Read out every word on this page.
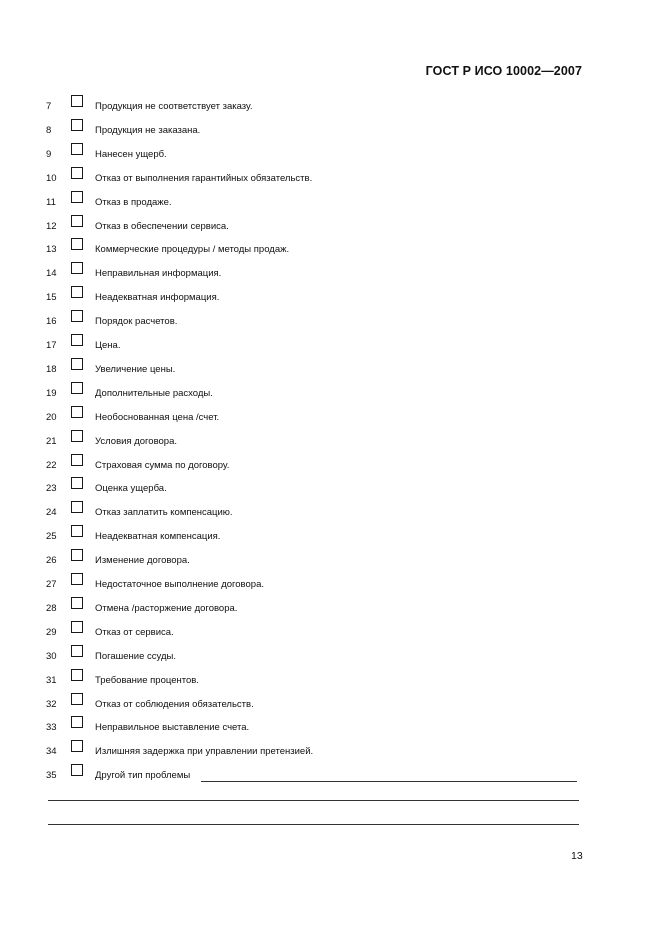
ГОСТ Р ИСО 10002—2007
7	Продукция не соответствует заказу.
8	Продукция не заказана.
9	Нанесен ущерб.
10	Отказ от выполнения гарантийных обязательств.
11	Отказ в продаже.
12	Отказ в обеспечении сервиса.
13	Коммерческие процедуры / методы продаж.
14	Неправильная информация.
15	Неадекватная информация.
16	Порядок расчетов.
17	Цена.
18	Увеличение цены.
19	Дополнительные расходы.
20	Необоснованная цена /счет.
21	Условия договора.
22	Страховая сумма по договору.
23	Оценка ущерба.
24	Отказ заплатить компенсацию.
25	Неадекватная компенсация.
26	Изменение договора.
27	Недостаточное выполнение договора.
28	Отмена /расторжение договора.
29	Отказ от сервиса.
30	Погашение ссуды.
31	Требование процентов.
32	Отказ от соблюдения обязательств.
33	Неправильное выставление счета.
34	Излишняя задержка при управлении претензией.
35	Другой тип проблемы
13
